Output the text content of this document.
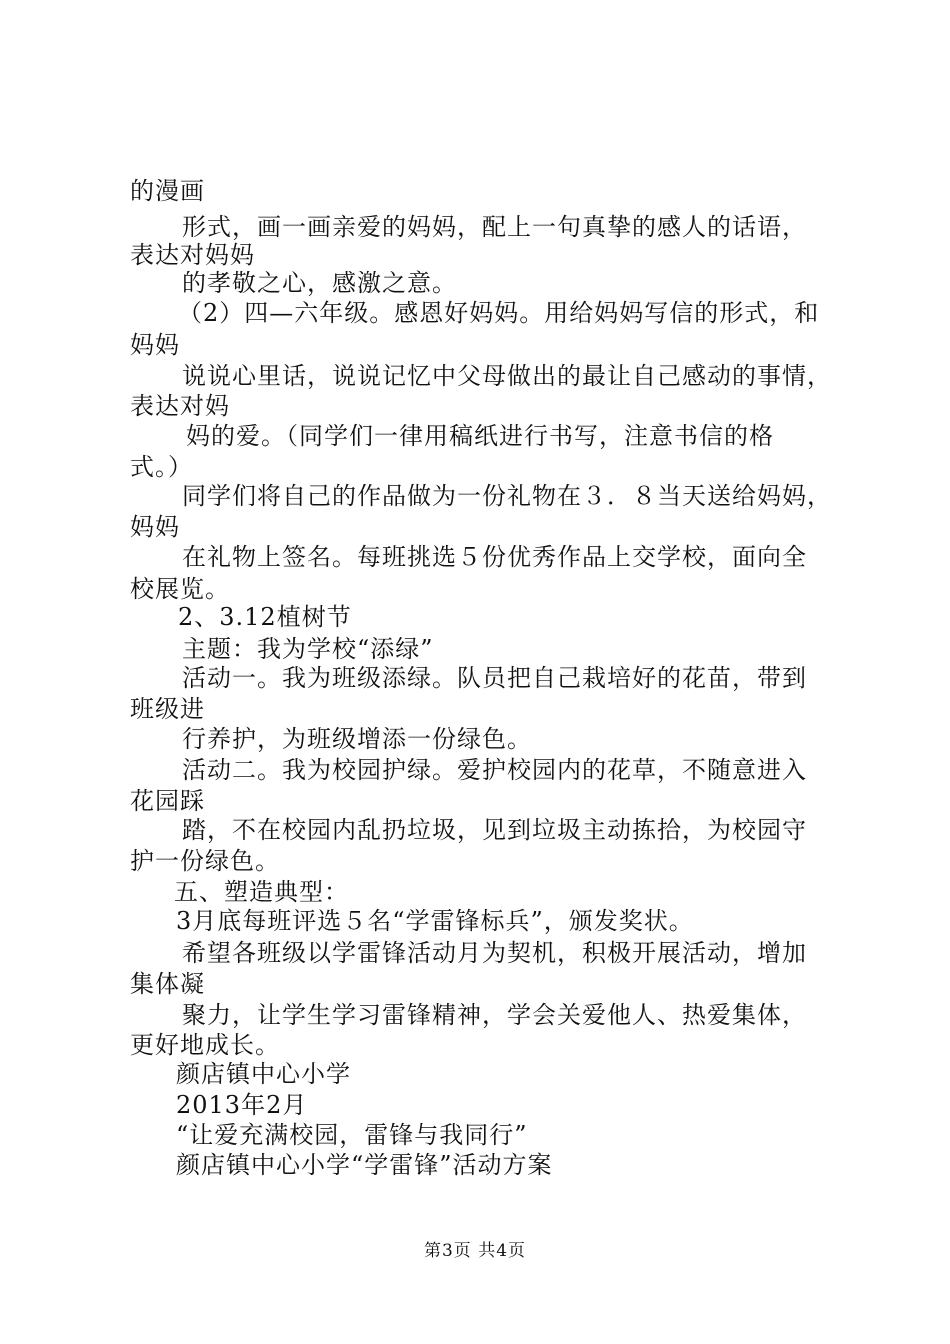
的漫画
形式，画一画亲爱的妈妈，配上一句真挚的感人的话语，
表达对妈妈
的孝敬之心，感激之意。
（2）四—六年级。感恩好妈妈。用给妈妈写信的形式，和
妈妈
说说心里话，说说记忆中父母做出的最让自己感动的事情，
表达对妈
妈的爱。（同学们一律用稿纸进行书写，注意书信的格
式。）
同学们将自己的作品做为一份礼物在３．８当天送给妈妈，
妈妈
在礼物上签名。每班挑选５份优秀作品上交学校，面向全
校展览。
2、3.12植树节
主题：我为学校“添绿”
活动一。我为班级添绿。队员把自己栽培好的花苗，带到
班级进
行养护，为班级增添一份绿色。
活动二。我为校园护绿。爱护校园内的花草，不随意进入
花园踩
踏，不在校园内乱扔垃圾，见到垃圾主动拣拾，为校园守
护一份绿色。
五、塑造典型：
3月底每班评选５名“学雷锋标兵”，颁发奖状。
希望各班级以学雷锋活动月为契机，积极开展活动，增加
集体凝
聚力，让学生学习雷锋精神，学会关爱他人、热爱集体，
更好地成长。
颜店镇中心小学
2013年2月
“让爱充满校园，雷锋与我同行”
颜店镇中心小学“学雷锋”活动方案
第3页 共4页
